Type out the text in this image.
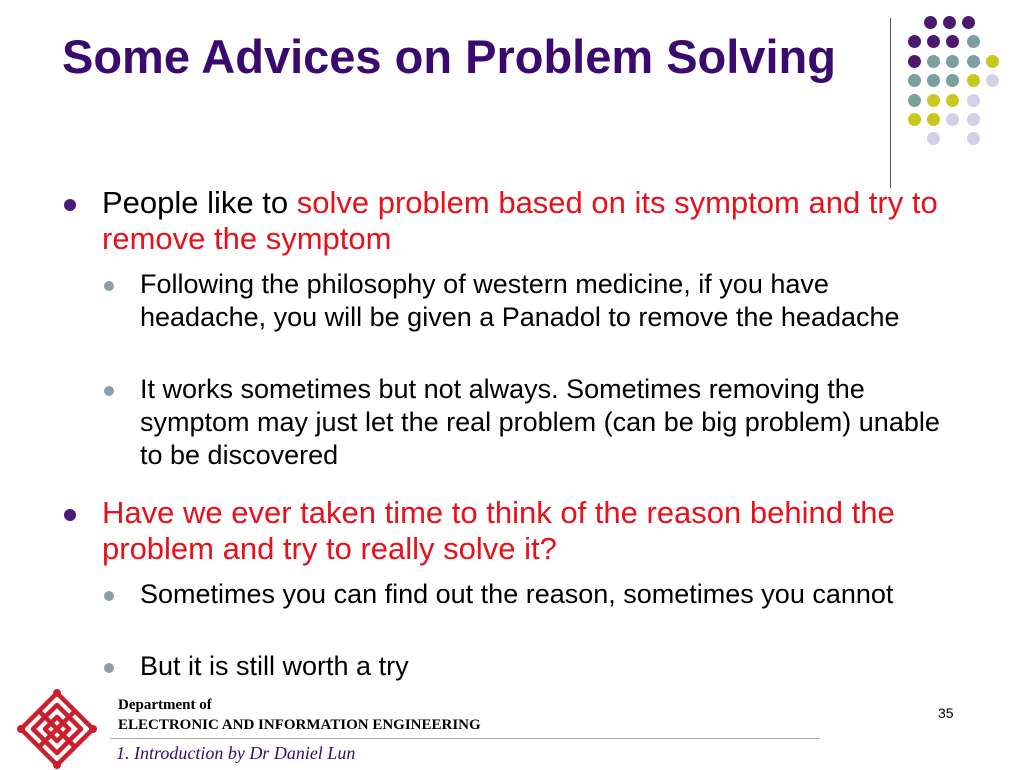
Some Advices on Problem Solving
People like to solve problem based on its symptom and try to remove the symptom
Following the philosophy of western medicine, if you have headache, you will be given a Panadol to remove the headache
It works sometimes but not always. Sometimes removing the symptom may just let the real problem (can be big problem) unable to be discovered
Have we ever taken time to think of the reason behind the problem and try to really solve it?
Sometimes you can find out the reason, sometimes you cannot
But it is still worth a try
Department of
ELECTRONIC AND INFORMATION ENGINEERING
1. Introduction by Dr Daniel Lun
35
